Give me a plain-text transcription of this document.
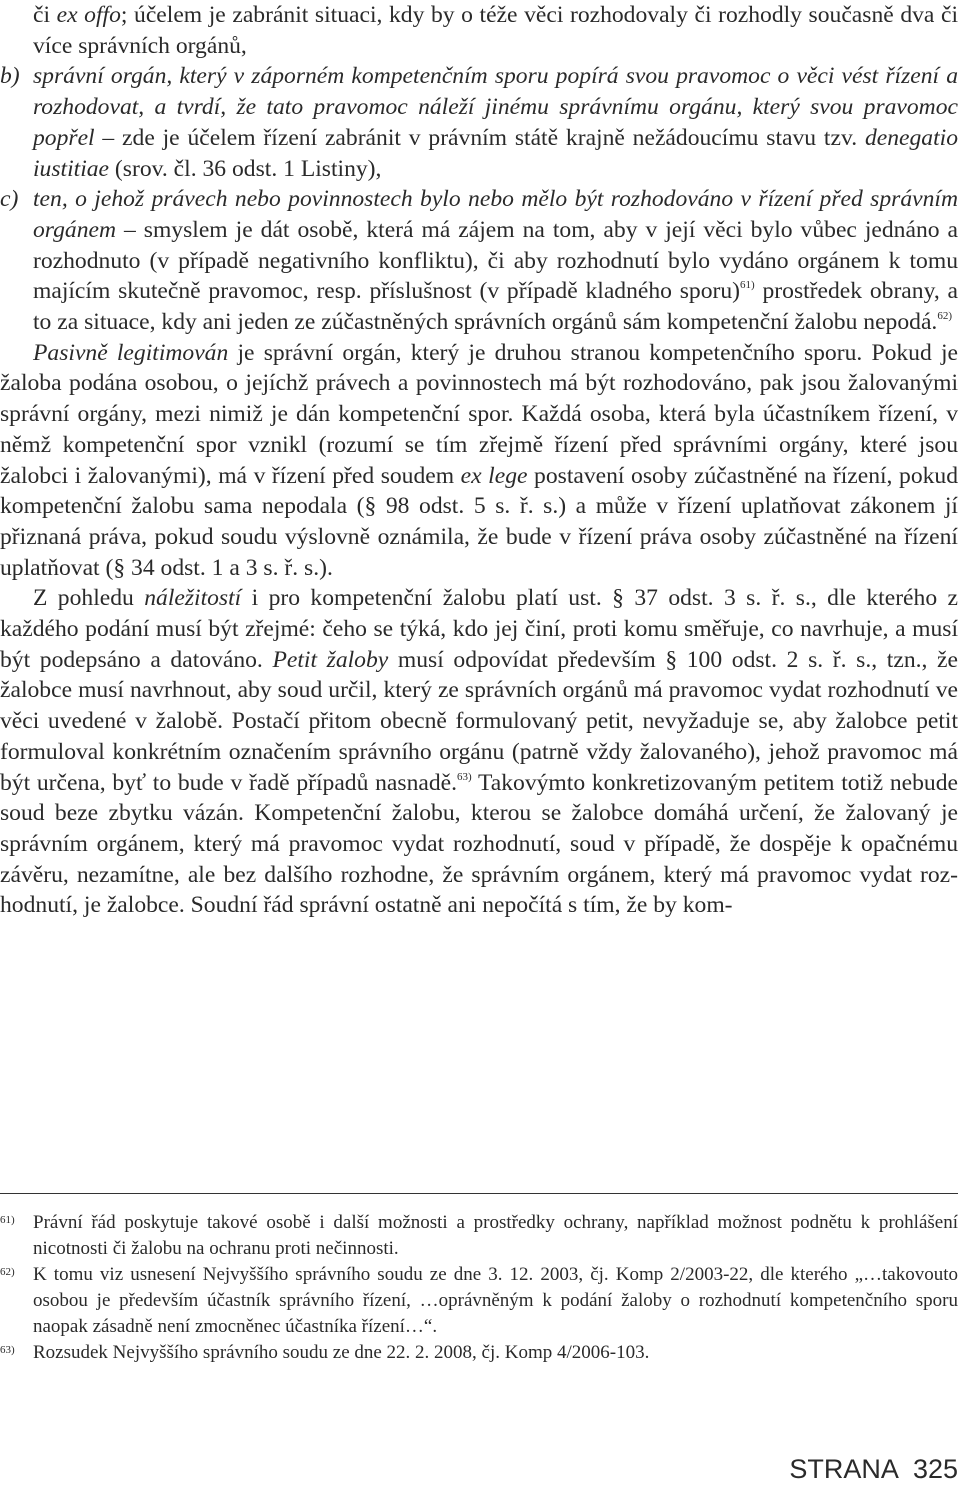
či ex offo; účelem je zabránit situaci, kdy by o téže věci rozhodovaly či rozhodly současně dva či více správních orgánů,

b) správní orgán, který v záporném kompetenčním sporu popírá svou pravomoc o věci vést řízení a rozhodovat, a tvrdí, že tato pravomoc náleží jinému správnímu orgánu, který svou pravomoc popřel – zde je účelem řízení zabránit v právním státě krajně nežádoucímu stavu tzv. denegatio iustitiae (srov. čl. 36 odst. 1 Listiny),

c) ten, o jehož právech nebo povinnostech bylo nebo mělo být rozhodováno v řízení před správním orgánem – smyslem je dát osobě, která má zájem na tom, aby v její věci bylo vůbec jednáno a rozhodnuto (v případě negativního konfliktu), či aby rozhodnutí bylo vydáno orgánem k tomu majícím skutečně pravomoc, resp. příslušnost (v případě kladného sporu)$^{61)}$ prostředek obrany, a to za situace, kdy ani jeden ze zúčastněných správních orgánů sám kompetenční žalobu nepodá.$^{62)}$

Pasivně legitimován je správní orgán, který je druhou stranou kompetenčního sporu. Pokud je žaloba podána osobou, o jejíchž právech a povinnostech má být rozhodováno, pak jsou žalovanými správní orgány, mezi nimiž je dán kompetenční spor. Každá osoba, která byla účastníkem řízení, v němž kompetenční spor vznikl (rozumí se tím zřejmě řízení před správními orgány, které jsou žalobci i žalovanými), má v řízení před soudem ex lege postavení osoby zúčastněné na řízení, pokud kompetenční žalobu sama nepodala (§ 98 odst. 5 s. ř. s.) a může v řízení uplatňovat zákonem jí přiznaná práva, pokud soudu výslovně oznámila, že bude v řízení práva osoby zúčastněné na řízení uplatňovat (§ 34 odst. 1 a 3 s. ř. s.).

Z pohledu náležitostí i pro kompetenční žalobu platí ust. § 37 odst. 3 s. ř. s., dle kterého z každého podání musí být zřejmé: čeho se týká, kdo jej činí, proti komu směřuje, co navrhuje, a musí být podepsáno a datováno. Petit žaloby musí odpovídat především § 100 odst. 2 s. ř. s., tzn., že žalobce musí navrhnout, aby soud určil, který ze správních orgánů má pravomoc vydat rozhodnutí ve věci uvedené v žalobě. Postačí přitom obecně formulovaný petit, nevyžaduje se, aby žalobce petit formuloval konkrétním označením správního orgánu (patrně vždy žalovaného), jehož pravomoc má být určena, byť to bude v řadě případů nasnadě.$^{63)}$ Takovýmto konkretizovaným petitem totiž nebude soud beze zbytku vázán. Kompetenční žalobu, kterou se žalobce domáhá určení, že žalovaný je správním orgánem, který má pravomoc vydat rozhodnutí, soud v případě, že dospěje k opačnému závěru, nezamítne, ale bez dalšího rozhodne, že správním orgánem, který má pravomoc vydat rozhodnutí, je žalobce. Soudní řád správní ostatně ani nepočítá s tím, že by kom-

61) Právní řád poskytuje takové osobě i další možnosti a prostředky ochrany, například možnost podnětu k prohlášení nicotnosti či žalobu na ochranu proti nečinnosti.

62) K tomu viz usnesení Nejvyššího správního soudu ze dne 3. 12. 2003, čj. Komp 2/2003-22, dle kterého „…takovouto osobou je především účastník správního řízení, …oprávněným k podání žaloby o rozhodnutí kompetenčního sporu naopak zásadně není zmocněnec účastníka řízení…“.

63) Rozsudek Nejvyššího správního soudu ze dne 22. 2. 2008, čj. Komp 4/2006-103.

STRANA 325
